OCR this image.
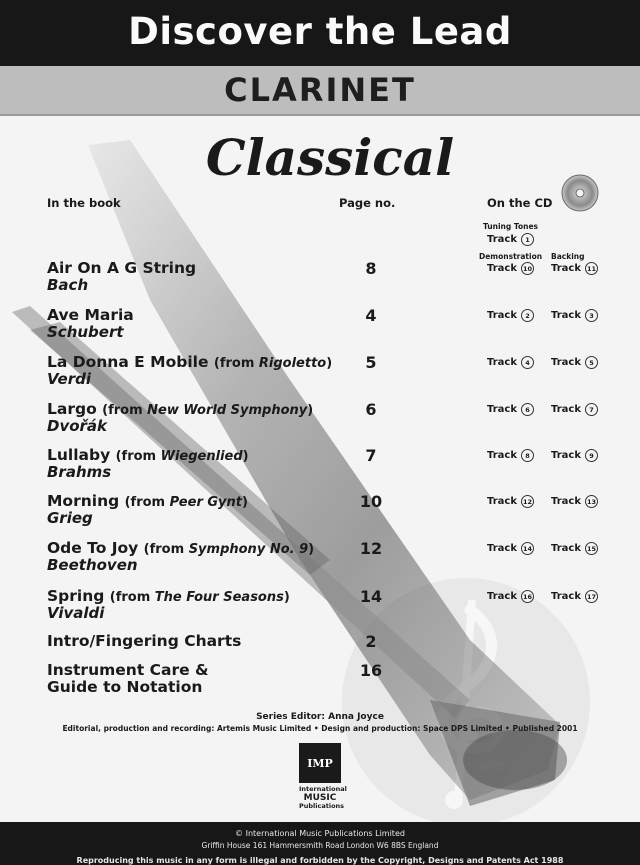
Discover the Lead
CLARINET
Classical
In the book	Page no.	On the CD
Tuning Tones
Track	1
Demonstration Backing
Air On A G String
Bach
8	Track 10 Track 11
Ave Maria
Schubert
4	Track	2	Track	3
La Donna E Mobile (from Rigoletto)
Verdi
5	Track	4	Track	5
Largo (from New World Symphony)
Dvořák
6	Track	6	Track	7
Lullaby (from Wiegenlied)
Brahms
7	Track	8	Track	9
Morning (from Peer Gynt)
Grieg
10	Track 12 Track 13
Ode To Joy (from Symphony No. 9)
Beethoven
12	Track 14 Track 15
Spring (from The Four Seasons)
Vivaldi
14	Track 16 Track 17
Intro/Fingering Charts	2
Instrument Care &
Guide to Notation
16
Series Editor: Anna Joyce
Editorial, production and recording: Artemis Music Limited • Design and production: Space DPS Limited • Published 2001
IMP
International
MUSIC
Publications
© International Music Publications Limited
Griffin House 161 Hammersmith Road London W6 8BS England
Reproducing this music in any form is illegal and forbidden by the Copyright, Designs and Patents Act 1988
